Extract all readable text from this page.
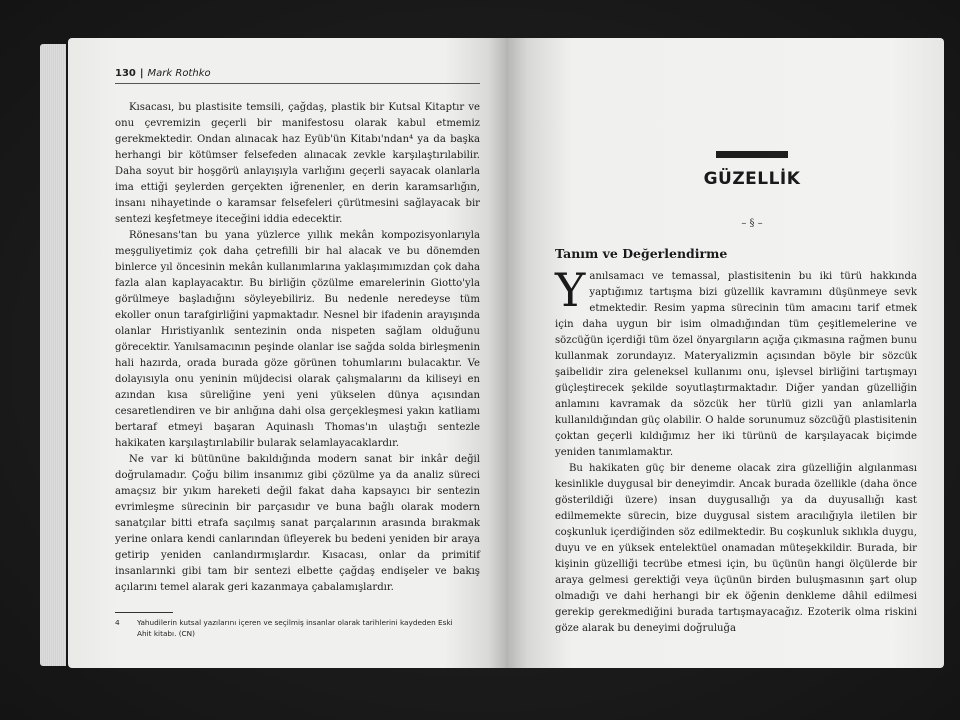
130 | Mark Rothko

Kısacası, bu plastisite temsili, çağdaş, plastik bir Kutsal Kitaptır ve onu çevremizin geçerli bir manifestosu olarak kabul etmemiz gerekmektedir. Ondan alınacak haz Eyüb'ün Kitabı'ndan⁴ ya da başka herhangi bir kötümser felsefeden alınacak zevkle karşılaştırılabilir. Daha soyut bir hoşgörü anlayışıyla varlığını geçerli sayacak olanlarla ima ettiği şeylerden gerçekten iğrenenler, en derin karamsarlığın, insanı nihayetinde o karamsar felsefeleri çürütmesini sağlayacak bir sentezi keşfetmeye iteceğini iddia edecektir.

Rönesans'tan bu yana yüzlerce yıllık mekân kompozisyonlarıyla meşguliyetimiz çok daha çetrefilli bir hal alacak ve bu dönemden binlerce yıl öncesinin mekân kullanımlarına yaklaşımımızdan çok daha fazla alan kaplayacaktır. Bu birliğin çözülme emarelerinin Giotto'yla görülmeye başladığını söyleyebiliriz. Bu nedenle neredeyse tüm ekoller onun tarafgirliğini yapmaktadır. Nesnel bir ifadenin arayışında olanlar Hıristiyanlık sentezinin onda nispeten sağlam olduğunu görecektir. Yanılsamacının peşinde olanlar ise sağda solda birleşmenin hali hazırda, orada burada göze görünen tohumlarını bulacaktır. Ve dolayısıyla onu yeninin müjdecisi olarak çalışmalarını da kiliseyi en azından kısa süreliğine yeni yeni yükselen dünya açısından cesaretlendiren ve bir anlığına dahi olsa gerçekleşmesi yakın katliamı bertaraf etmeyi başaran Aquinaslı Thomas'ın ulaştığı sentezle hakikaten karşılaştırılabilir bularak selamlayacaklardır.

Ne var ki bütününe bakıldığında modern sanat bir inkâr değil doğrulamadır. Çoğu bilim insanımız gibi çözülme ya da analiz süreci amaçsız bir yıkım hareketi değil fakat daha kapsayıcı bir sentezin evrimleşme sürecinin bir parçasıdır ve buna bağlı olarak modern sanatçılar bitti etrafa saçılmış sanat parçalarının arasında bırakmak yerine onlara kendi canlarından üfleyerek bu bedeni yeniden bir araya getirip yeniden canlandırmışlardır. Kısacası, onlar da primitif insanlarınki gibi tam bir sentezi elbette çağdaş endişeler ve bakış açılarını temel alarak geri kazanmaya çabalamışlardır.

4	Yahudilerin kutsal yazılarını içeren ve seçilmiş insanlar olarak tarihlerini kaydeden Eski Ahit kitabı. (CN)
GÜZELLİK
– § –
Tanım ve Değerlendirme

Yanılsamacı ve temassal, plastisitenin bu iki türü hakkında yaptığımız tartışma bizi güzellik kavramını düşünmeye sevk etmektedir. Resim yapma sürecinin tüm amacını tarif etmek için daha uygun bir isim olmadığından tüm çeşitlemelerine ve sözcüğün içerdiği tüm özel önyargıların açığa çıkmasına rağmen bunu kullanmak zorundayız. Materyalizmin açısından böyle bir sözcük şaibelidir zira geleneksel kullanımı onu, işlevsel birliğini tartışmayı güçleştirecek şekilde soyutlaştırmaktadır. Diğer yandan güzelliğin anlamını kavramak da sözcük her türlü gizli yan anlamlarla kullanıldığından güç olabilir. O halde sorunumuz sözcüğü plastisitenin çoktan geçerli kıldığımız her iki türünü de karşılayacak biçimde yeniden tanımlamaktır.

Bu hakikaten güç bir deneme olacak zira güzelliğin algılanması kesinlikle duygusal bir deneyimdir. Ancak burada özellikle (daha önce gösterildiği üzere) insan duygusallığı ya da duyusallığı kast edilmemekte sürecin, bize duygusal sistem aracılığıyla iletilen bir coşkunluk içerdiğinden söz edilmektedir. Bu coşkunluk sıklıkla duygu, duyu ve en yüksek entelektüel onamadan müteşekkildir. Burada, bir kişinin güzelliği tecrübe etmesi için, bu üçünün hangi ölçülerde bir araya gelmesi gerektiği veya üçünün birden buluşmasının şart olup olmadığı ve dahi herhangi bir ek öğenin denkleme dâhil edilmesi gerekip gerekmediğini burada tartışmayacağız. Ezoterik olma riskini göze alarak bu deneyimi doğruluğa
